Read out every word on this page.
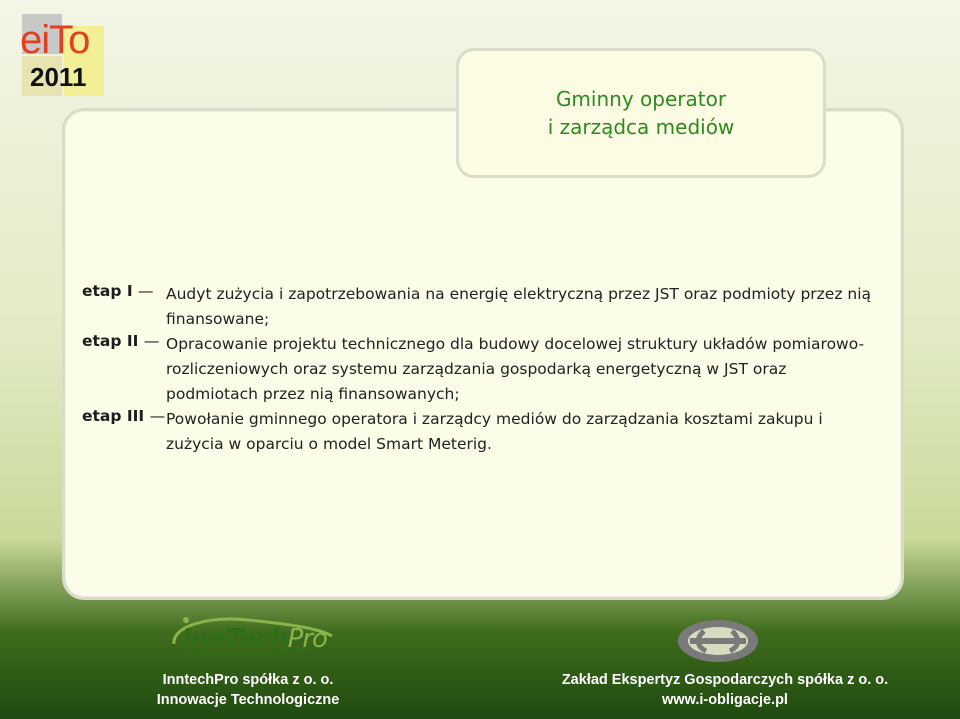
eiTo
2011
Gminny operator
i zarządca mediów
etap I — Audyt zużycia i zapotrzebowania na energię elektryczną przez JST oraz podmioty przez nią finansowane;
etap II — Opracowanie projektu technicznego dla budowy docelowej struktury układów pomiarowo-rozliczeniowych oraz systemu zarządzania gospodarką energetyczną w JST oraz podmiotach przez nią finansowanych;
etap III — Powołanie gminnego operatora i zarządcy mediów do zarządzania kosztami zakupu i zużycia w oparciu o model Smart Meterig.
InnTechPro
InntechPro spółka z o. o.
Innowacje Technologiczne
Zakład Ekspertyz Gospodarczych spółka z o. o.
www.i-obligacje.pl
